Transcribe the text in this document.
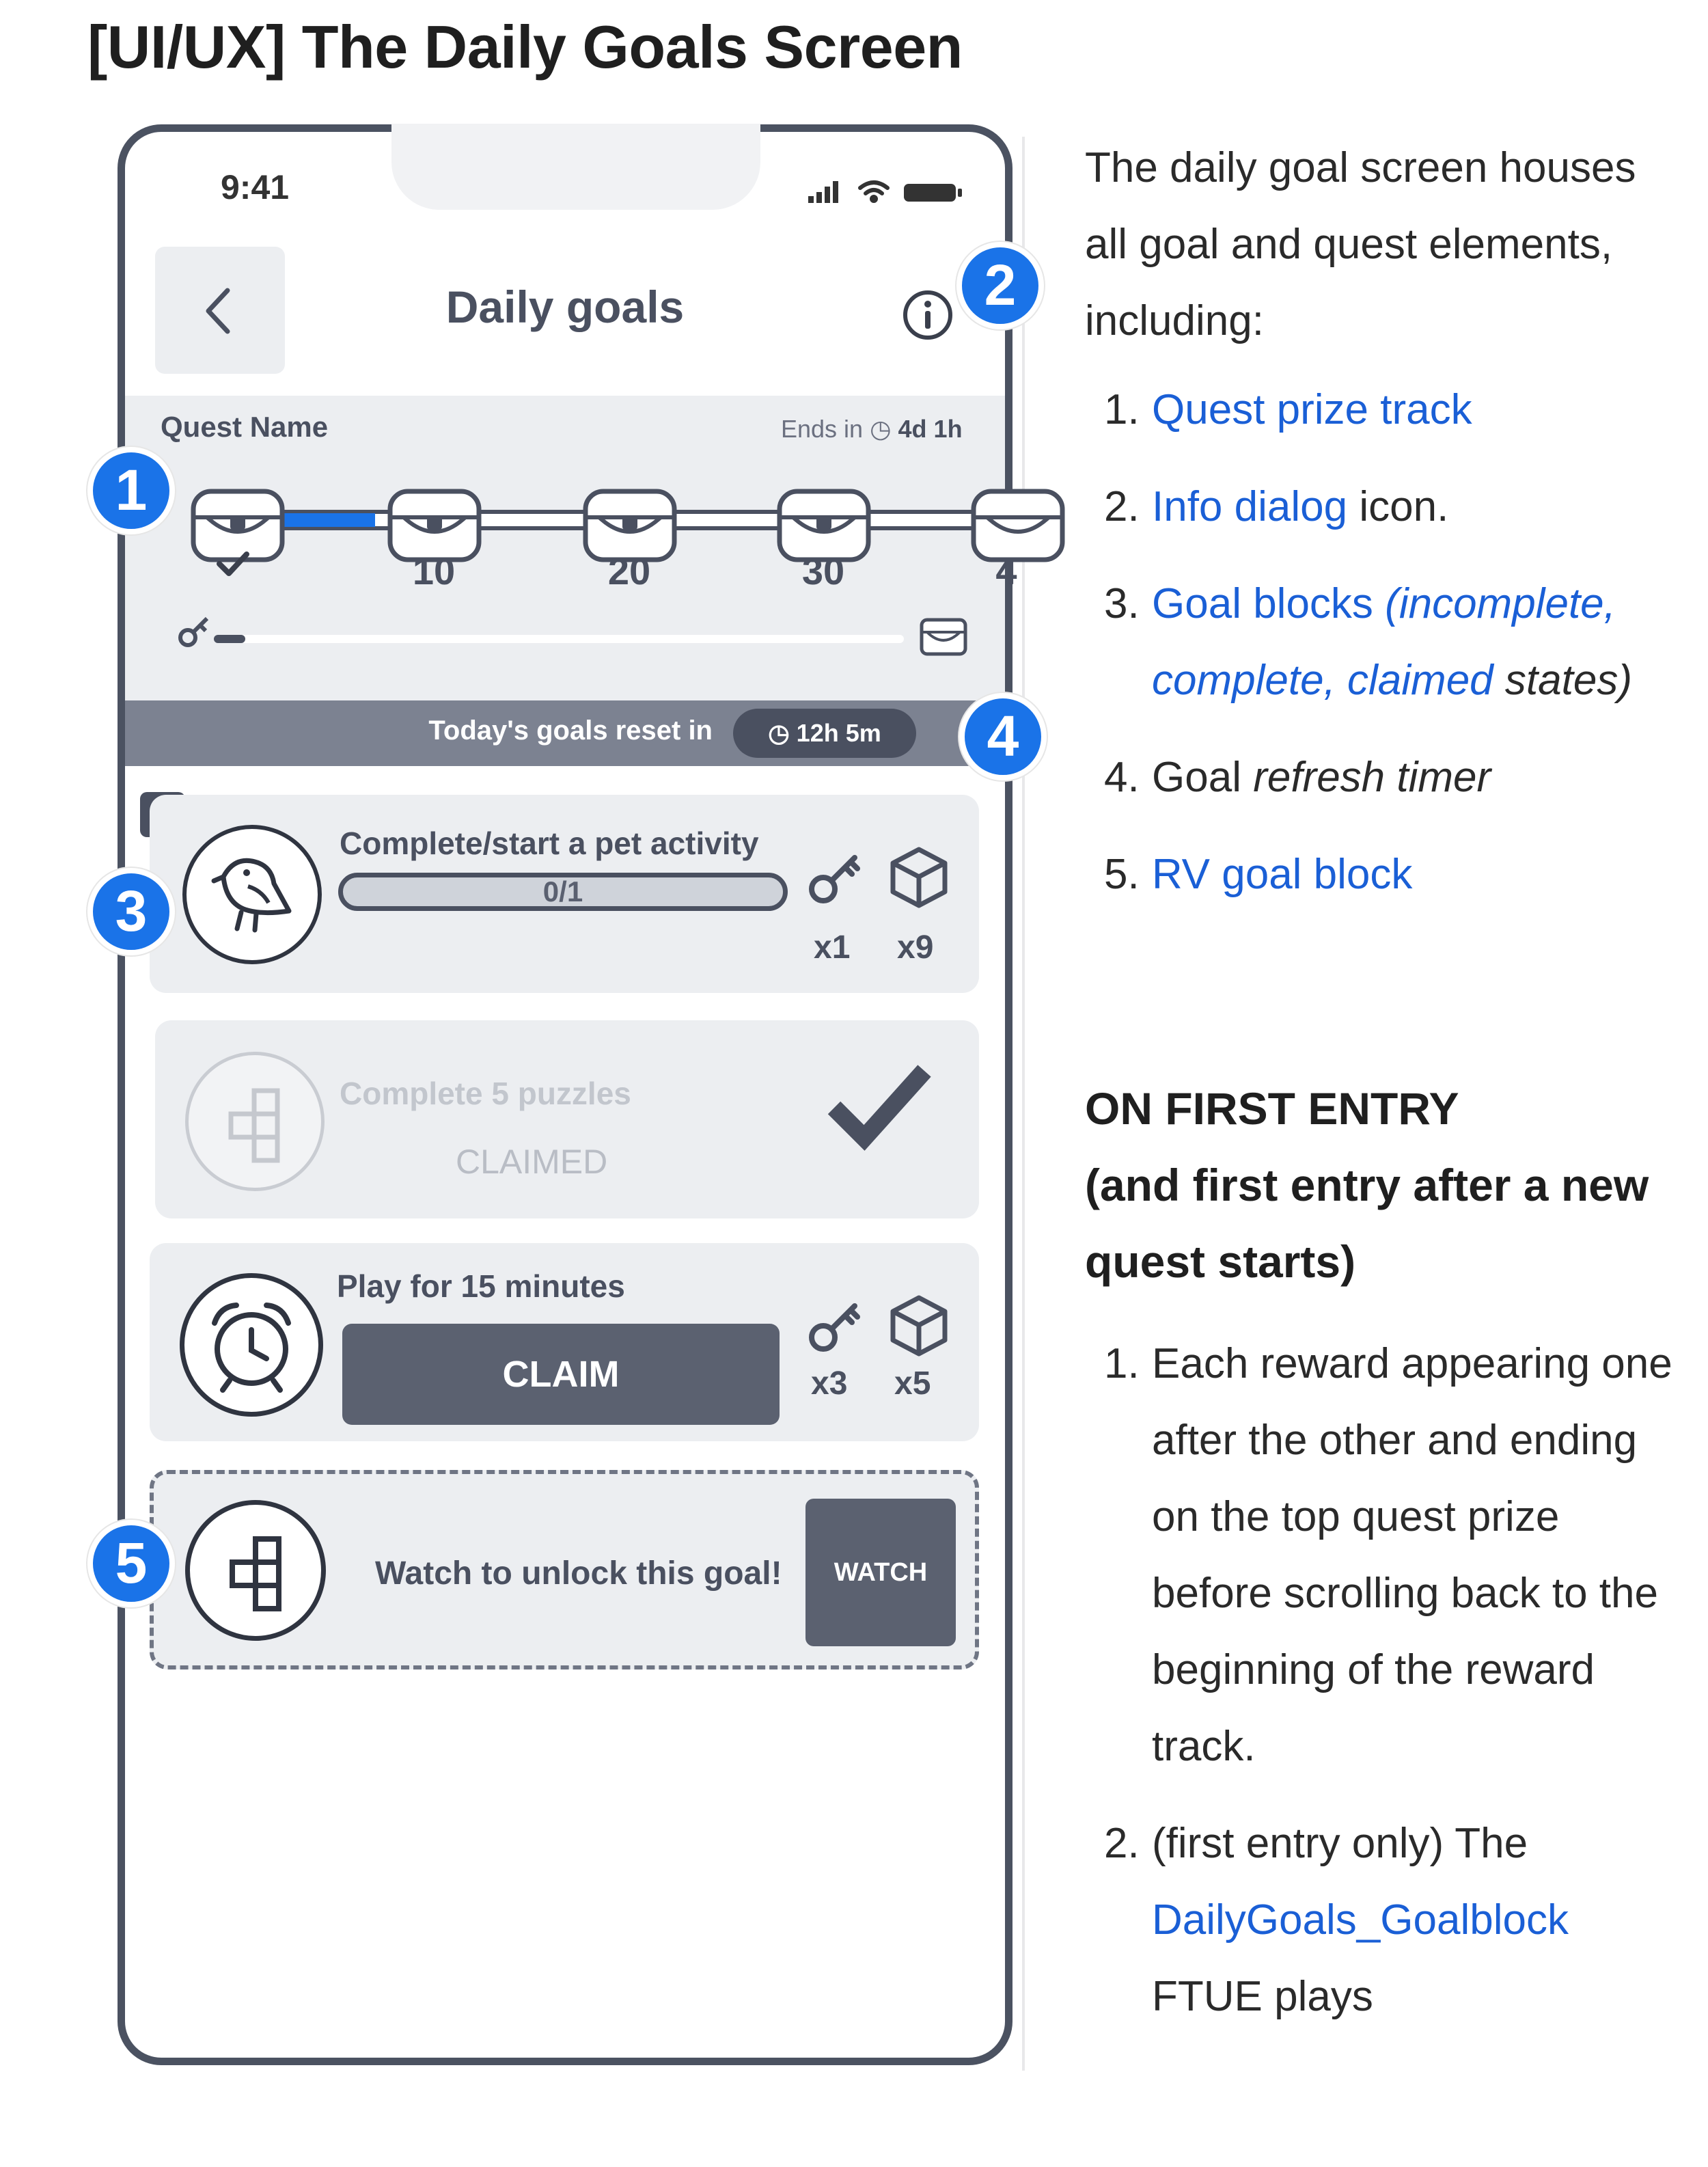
[UI/UX] The Daily Goals Screen
9:41
Daily goals
Quest Name	Ends in ◷ 4d 1h
10	20	30	4
Today's goals reset in	◷ 12h 5m
Complete/start a pet activity
0/1
x1 x9
Complete 5 puzzles
CLAIMED
Play for 15 minutes
CLAIM	x3 x5
Watch to unlock this goal!	WATCH
1
2
3
4
5

The daily goal screen houses all goal and quest elements, including:

1. Quest prize track
2. Info dialog icon.
3. Goal blocks (incomplete, complete, claimed states)
4. Goal refresh timer
5. RV goal block

ON FIRST ENTRY
(and first entry after a new quest starts)

1. Each reward appearing one after the other and ending on the top quest prize before scrolling back to the beginning of the reward track.
2. (first entry only) The DailyGoals_Goalblock FTUE plays
